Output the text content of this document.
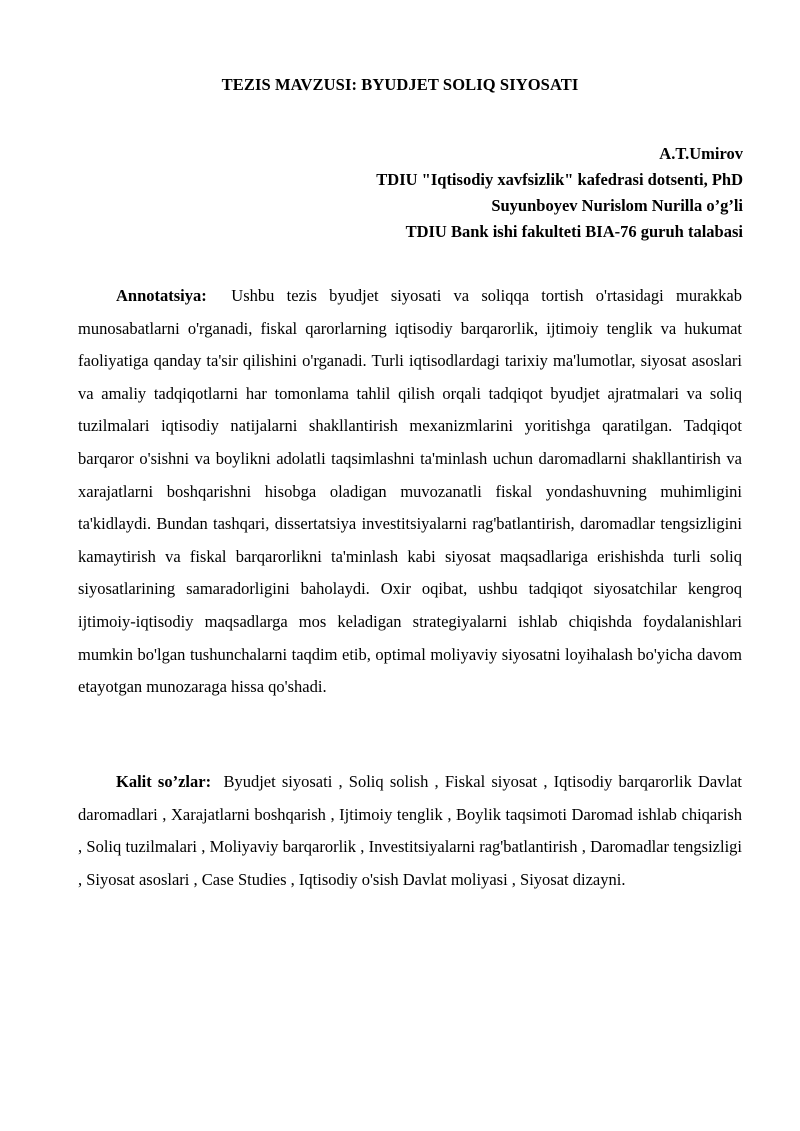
TEZIS MAVZUSI: BYUDJET SOLIQ SIYOSATI
A.T.Umirov
TDIU "Iqtisodiy xavfsizlik" kafedrasi dotsenti, PhD
Suyunboyev Nurislom Nurilla o’g’li
TDIU Bank ishi fakulteti BIA-76 guruh talabasi

Annotatsiya: Ushbu tezis byudjet siyosati va soliqqa tortish o'rtasidagi murakkab munosabatlarni o'rganadi, fiskal qarorlarning iqtisodiy barqarorlik, ijtimoiy tenglik va hukumat faoliyatiga qanday ta'sir qilishini o'rganadi. Turli iqtisodlardagi tarixiy ma'lumotlar, siyosat asoslari va amaliy tadqiqotlarni har tomonlama tahlil qilish orqali tadqiqot byudjet ajratmalari va soliq tuzilmalari iqtisodiy natijalarni shakllantirish mexanizmlarini yoritishga qaratilgan. Tadqiqot barqaror o'sishni va boylikni adolatli taqsimlashni ta'minlash uchun daromadlarni shakllantirish va xarajatlarni boshqarishni hisobga oladigan muvozanatli fiskal yondashuvning muhimligini ta'kidlaydi. Bundan tashqari, dissertatsiya investitsiyalarni rag'batlantirish, daromadlar tengsizligini kamaytirish va fiskal barqarorlikni ta'minlash kabi siyosat maqsadlariga erishishda turli soliq siyosatlarining samaradorligini baholaydi. Oxir oqibat, ushbu tadqiqot siyosatchilar kengroq ijtimoiy-iqtisodiy maqsadlarga mos keladigan strategiyalarni ishlab chiqishda foydalanishlari mumkin bo'lgan tushunchalarni taqdim etib, optimal moliyaviy siyosatni loyihalash bo'yicha davom etayotgan munozaraga hissa qo'shadi.

Kalit so’zlar: Byudjet siyosati , Soliq solish , Fiskal siyosat , Iqtisodiy barqarorlik Davlat daromadlari , Xarajatlarni boshqarish , Ijtimoiy tenglik , Boylik taqsimoti Daromad ishlab chiqarish , Soliq tuzilmalari , Moliyaviy barqarorlik , Investitsiyalarni rag'batlantirish , Daromadlar tengsizligi , Siyosat asoslari , Case Studies , Iqtisodiy o'sish Davlat moliyasi , Siyosat dizayni.
